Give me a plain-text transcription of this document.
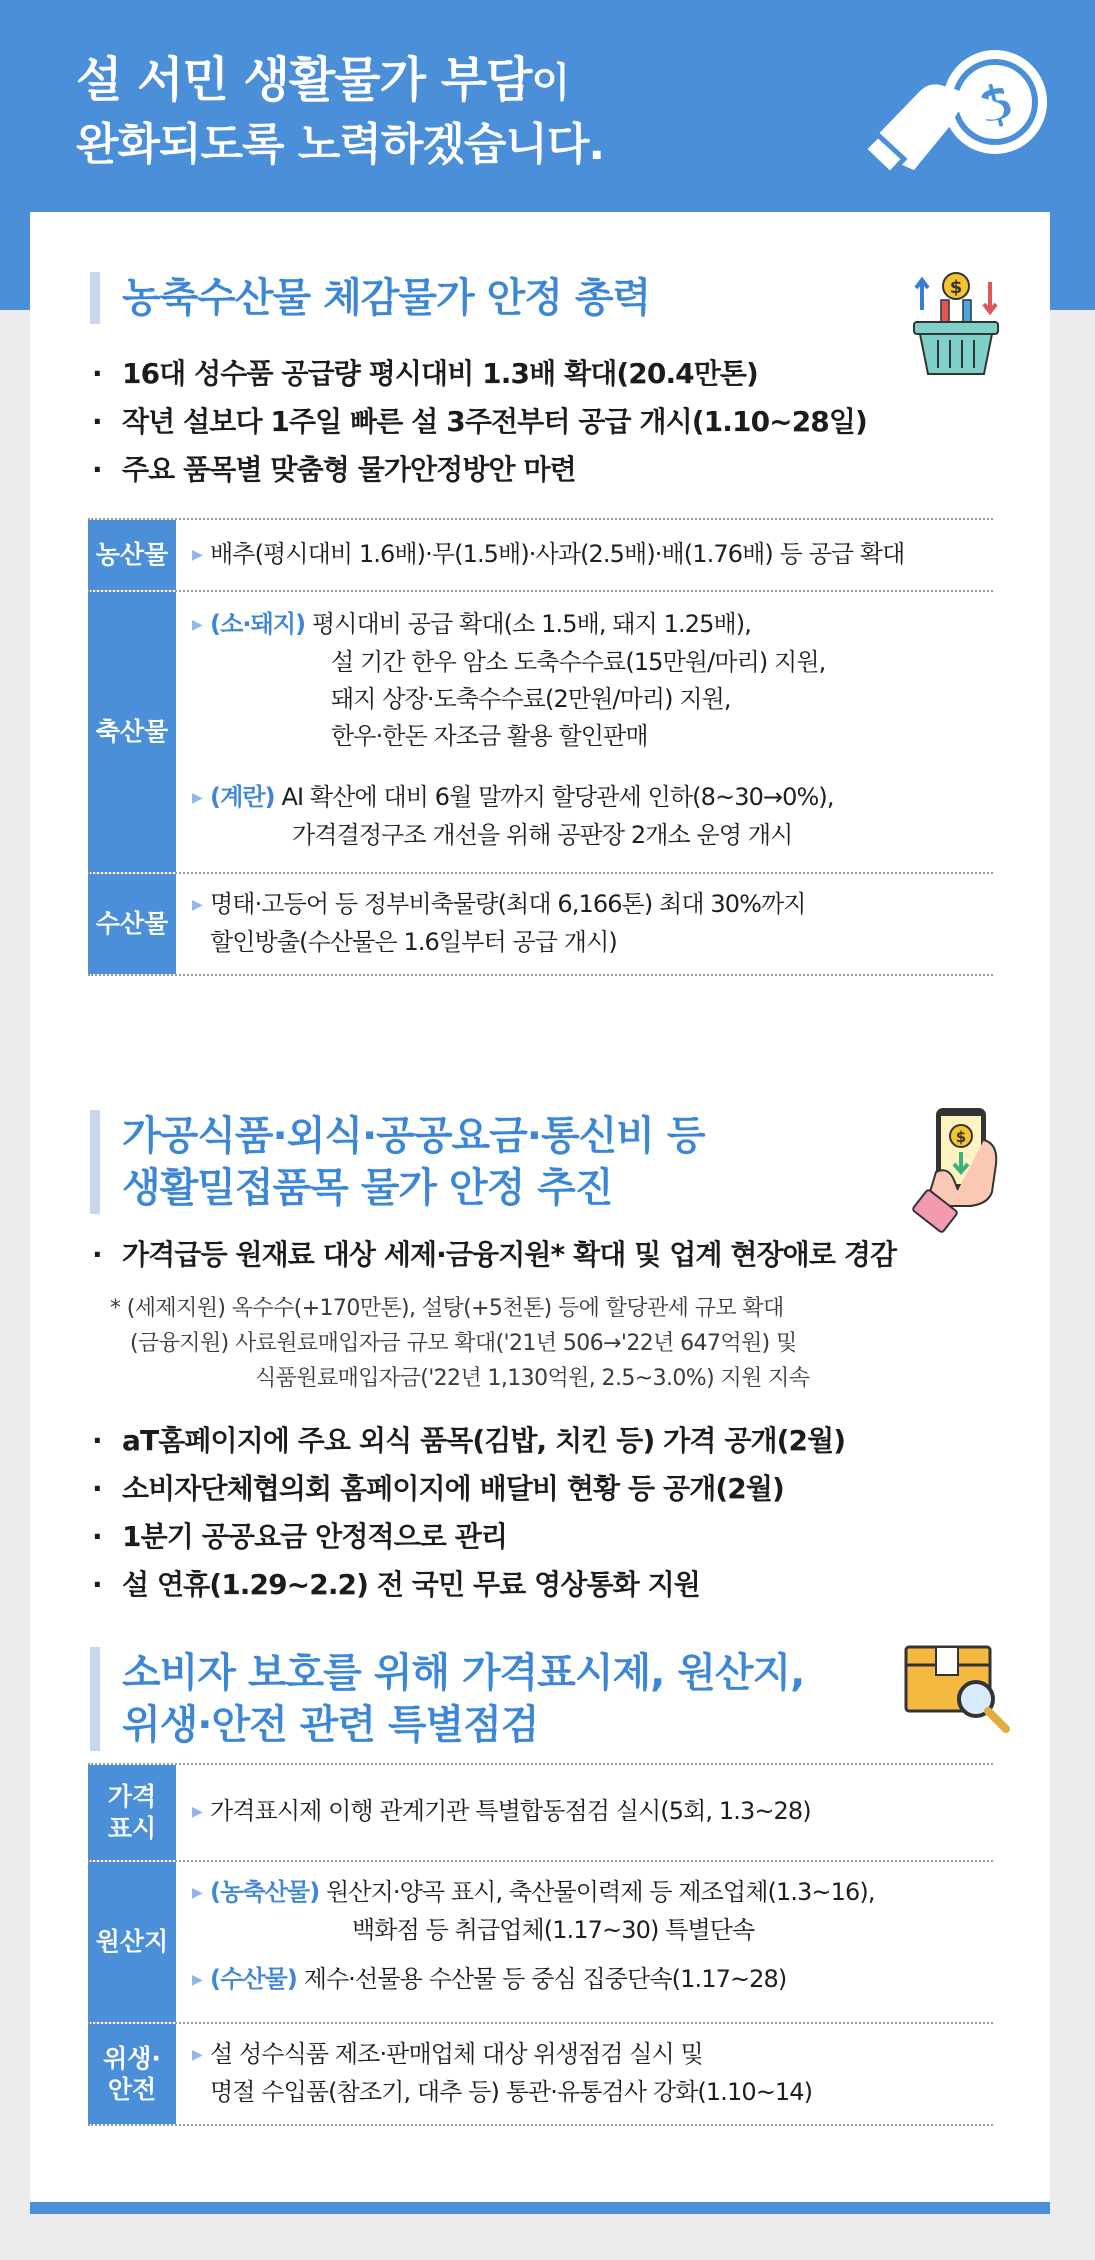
설 서민 생활물가 부담이
완화되도록 노력하겠습니다.
농축수산물 체감물가 안정 총력	$
· 16대 성수품 공급량 평시대비 1.3배 확대(20.4만톤)
· 작년 설보다 1주일 빠른 설 3주전부터 공급 개시(1.10~28일)
· 주요 품목별 맞춤형 물가안정방안 마련
농산물	▶ 배추(평시대비 1.6배)·무(1.5배)·사과(2.5배)·배(1.76배) 등 공급 확대
축산물
▶ (소·돼지) 평시대비 공급 확대(소 1.5배, 돼지 1.25배),
설 기간 한우 암소 도축수수료(15만원/마리) 지원,
돼지 상장·도축수수료(2만원/마리) 지원,
한우·한돈 자조금 활용 할인판매
▶ (계란) AI 확산에 대비 6월 말까지 할당관세 인하(8~30→0%),
가격결정구조 개선을 위해 공판장 2개소 운영 개시
수산물
▶ 명태·고등어 등 정부비축물량(최대 6,166톤) 최대 30%까지
할인방출(수산물은 1.6일부터 공급 개시)
가공식품·외식·공공요금·통신비 등
생활밀접품목 물가 안정 추진
$
· 가격급등 원재료 대상 세제·금융지원* 확대 및 업계 현장애로 경감
* (세제지원) 옥수수(+170만톤), 설탕(+5천톤) 등에 할당관세 규모 확대
(금융지원) 사료원료매입자금 규모 확대('21년 506→'22년 647억원) 및
식품원료매입자금('22년 1,130억원, 2.5~3.0%) 지원 지속
· aT홈페이지에 주요 외식 품목(김밥, 치킨 등) 가격 공개(2월)
· 소비자단체협의회 홈페이지에 배달비 현황 등 공개(2월)
· 1분기 공공요금 안정적으로 관리
· 설 연휴(1.29~2.2) 전 국민 무료 영상통화 지원
소비자 보호를 위해 가격표시제, 원산지,
위생·안전 관련 특별점검
가격
표시
▶ 가격표시제 이행 관계기관 특별합동점검 실시(5회, 1.3~28)
원산지
▶ (농축산물) 원산지·양곡 표시, 축산물이력제 등 제조업체(1.3~16),
백화점 등 취급업체(1.17~30) 특별단속
▶ (수산물) 제수·선물용 수산물 등 중심 집중단속(1.17~28)
위생·
안전
▶ 설 성수식품 제조·판매업체 대상 위생점검 실시 및
명절 수입품(참조기, 대추 등) 통관·유통검사 강화(1.10~14)
